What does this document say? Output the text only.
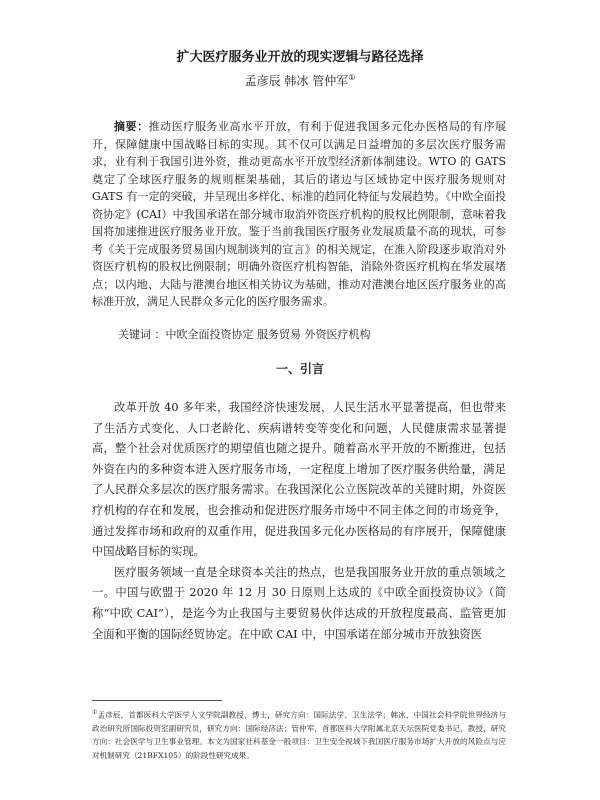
扩大医疗服务业开放的现实逻辑与路径选择
孟彦辰 韩冰 管仲军①

摘要：推动医疗服务业高水平开放，有利于促进我国多元化办医格局的有序展开，保障健康中国战略目标的实现。其不仅可以满足日益增加的多层次医疗服务需求，业有利于我国引进外资，推动更高水平开放型经济新体制建设。WTO 的 GATS 奠定了全球医疗服务的规则框架基础，其后的诸边与区域协定中医疗服务规则对 GATS 有一定的突破，并呈现出多样化、标准的趋同化特征与发展趋势。《中欧全面投资协定》(CAI）中我国承诺在部分城市取消外资医疗机构的股权比例限制，意味着我国将加速推进医疗服务业开放。鉴于当前我国医疗服务业发展质量不高的现状，可参考《关于完成服务贸易国内规制谈判的宣言》的相关规定，在准入阶段逐步取消对外资医疗机构的股权比例限制；明确外资医疗机构智能，消除外资医疗机构在华发展堵点；以内地、大陆与港澳台地区相关协议为基础，推动对港澳台地区医疗服务业的高标准开放，满足人民群众多元化的医疗服务需求。

关键词 ：中欧全面投资协定 服务贸易 外资医疗机构
一、引言

改革开放 40 多年来，我国经济快速发展，人民生活水平显著提高，但也带来了生活方式变化、人口老龄化、疾病谱转变等变化和问题，人民健康需求显著提高，整个社会对优质医疗的期望值也随之提升。随着高水平开放的不断推进，包括外资在内的多种资本进入医疗服务市场，一定程度上增加了医疗服务供给量，满足了人民群众多层次的医疗服务需求。在我国深化公立医院改革的关键时期，外资医疗机构的存在和发展，也会推动和促进医疗服务市场中不同主体之间的市场竞争，通过发挥市场和政府的双重作用，促进我国多元化办医格局的有序展开，保障健康中国战略目标的实现。

医疗服务领域一直是全球资本关注的热点，也是我国服务业开放的重点领域之一。中国与欧盟于 2020 年 12 月 30 日原则上达成的《中欧全面投资协议》（简称“中欧 CAI”），是迄今为止我国与主要贸易伙伴达成的开放程度最高、监管更加全面和平衡的国际经贸协定。在中欧 CAI 中，中国承诺在部分城市开放独资医

①孟彦辰，首都医科大学医学人文学院副教授、博士，研究方向：国际法学、卫生法学；韩冰，中国社会科学院世界经济与政治研究所国际投资室副研究员，研究方向：国际经济法；管仲军，首都医科大学附属北京天坛医院党委书记、教授，研究方向：社会医学与卫生事业管理。本文为国家社科基金一般项目：卫生安全视域下我国医疗服务市场扩大开放的风险点与应对机制研究（21BFX105）的阶段性研究成果。
